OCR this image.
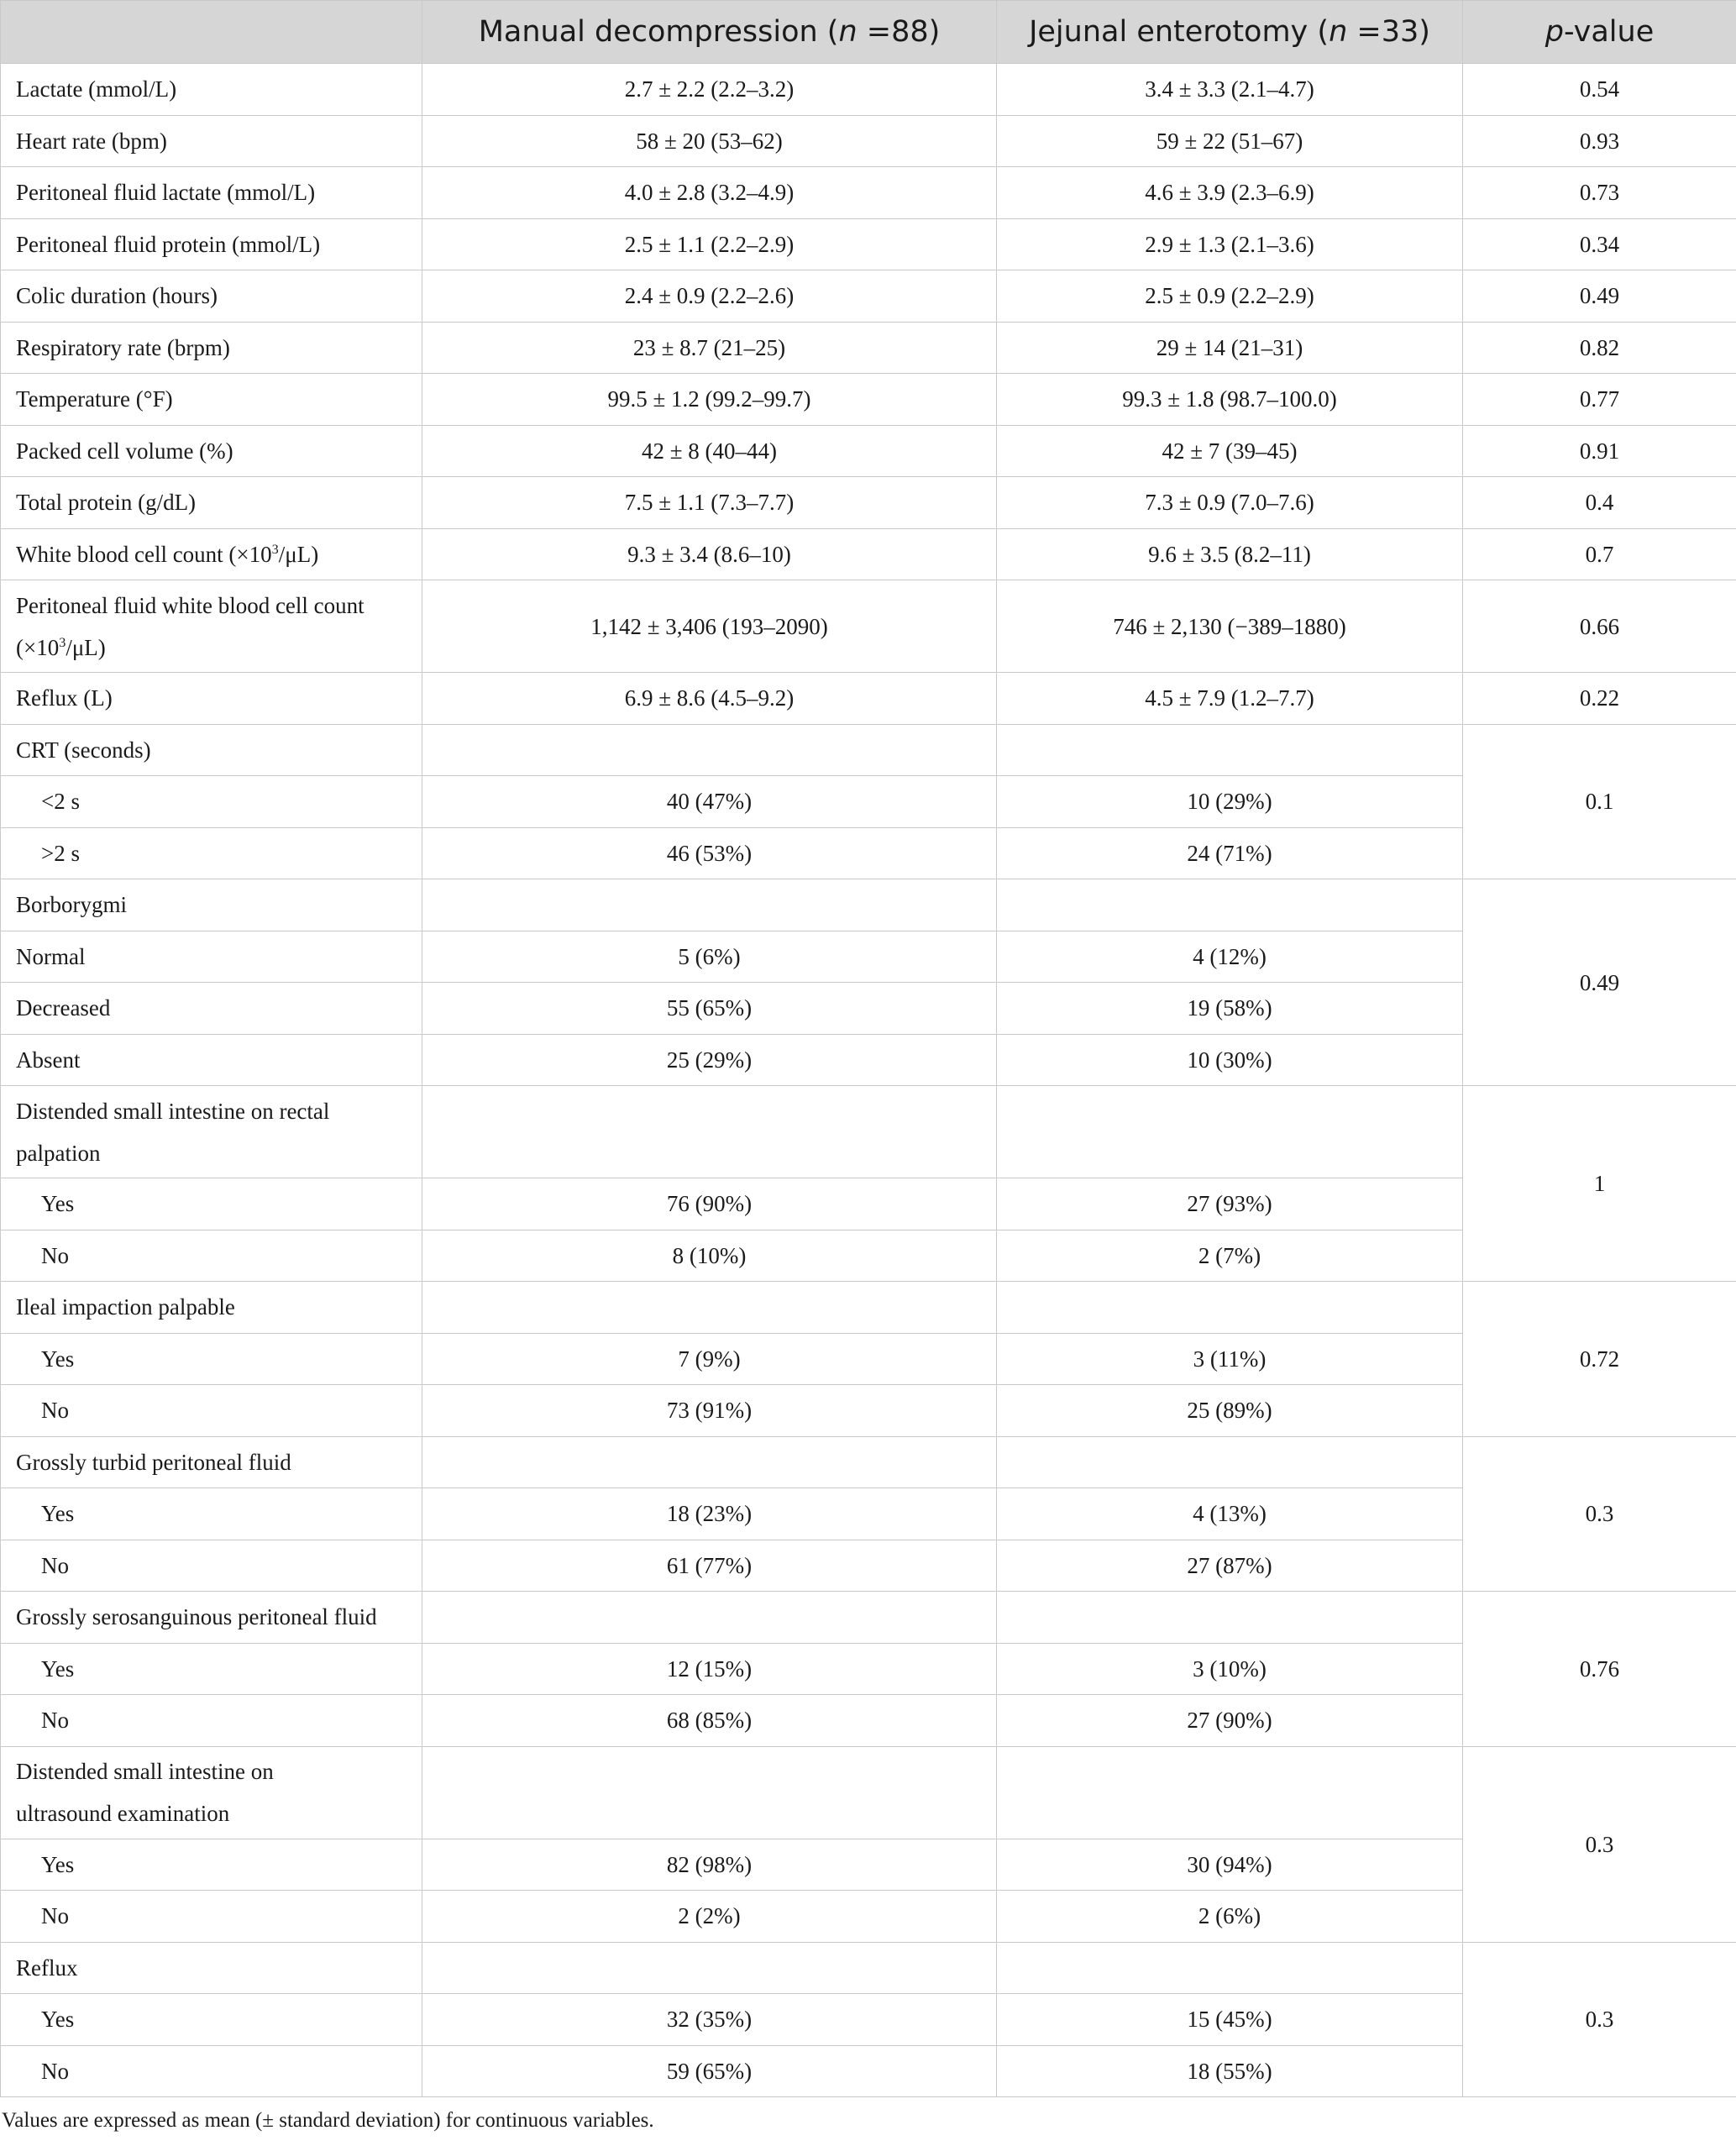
	Manual decompression (n =88)	Jejunal enterotomy (n =33)	p-value
Lactate (mmol/L)	2.7 ± 2.2 (2.2–3.2)	3.4 ± 3.3 (2.1–4.7)	0.54
Heart rate (bpm)	58 ± 20 (53–62)	59 ± 22 (51–67)	0.93
Peritoneal fluid lactate (mmol/L)	4.0 ± 2.8 (3.2–4.9)	4.6 ± 3.9 (2.3–6.9)	0.73
Peritoneal fluid protein (mmol/L)	2.5 ± 1.1 (2.2–2.9)	2.9 ± 1.3 (2.1–3.6)	0.34
Colic duration (hours)	2.4 ± 0.9 (2.2–2.6)	2.5 ± 0.9 (2.2–2.9)	0.49
Respiratory rate (brpm)	23 ± 8.7 (21–25)	29 ± 14 (21–31)	0.82
Temperature (°F)	99.5 ± 1.2 (99.2–99.7)	99.3 ± 1.8 (98.7–100.0)	0.77
Packed cell volume (%)	42 ± 8 (40–44)	42 ± 7 (39–45)	0.91
Total protein (g/dL)	7.5 ± 1.1 (7.3–7.7)	7.3 ± 0.9 (7.0–7.6)	0.4
White blood cell count $(\times 10^3/\mu L)$	9.3 ± 3.4 (8.6–10)	9.6 ± 3.5 (8.2–11)	0.7
Peritoneal fluid white blood cell count
$(\times 10^3/\mu L)$	1,142 ± 3,406 (193–2090)	746 ± 2,130 (−389–1880)	0.66
Reflux (L)	6.9 ± 8.6 (4.5–9.2)	4.5 ± 7.9 (1.2–7.7)	0.22
CRT (seconds)			0.1
<2 s	40 (47%)	10 (29%)	
>2 s	46 (53%)	24 (71%)	
Borborygmi			0.49
Normal	5 (6%)	4 (12%)	
Decreased	55 (65%)	19 (58%)	
Absent	25 (29%)	10 (30%)	
Distended small intestine on rectal
palpation			1
Yes	76 (90%)	27 (93%)	
No	8 (10%)	2 (7%)	
Ileal impaction palpable			0.72
Yes	7 (9%)	3 (11%)	
No	73 (91%)	25 (89%)	
Grossly turbid peritoneal fluid			0.3
Yes	18 (23%)	4 (13%)	
No	61 (77%)	27 (87%)	
Grossly serosanguinous peritoneal fluid			0.76
Yes	12 (15%)	3 (10%)	
No	68 (85%)	27 (90%)	
Distended small intestine on
ultrasound examination			0.3
Yes	82 (98%)	30 (94%)	
No	2 (2%)	2 (6%)	
Reflux			0.3
Yes	32 (35%)	15 (45%)	
No	59 (65%)	18 (55%)	
Values are expressed as mean (± standard deviation) for continuous variables.
